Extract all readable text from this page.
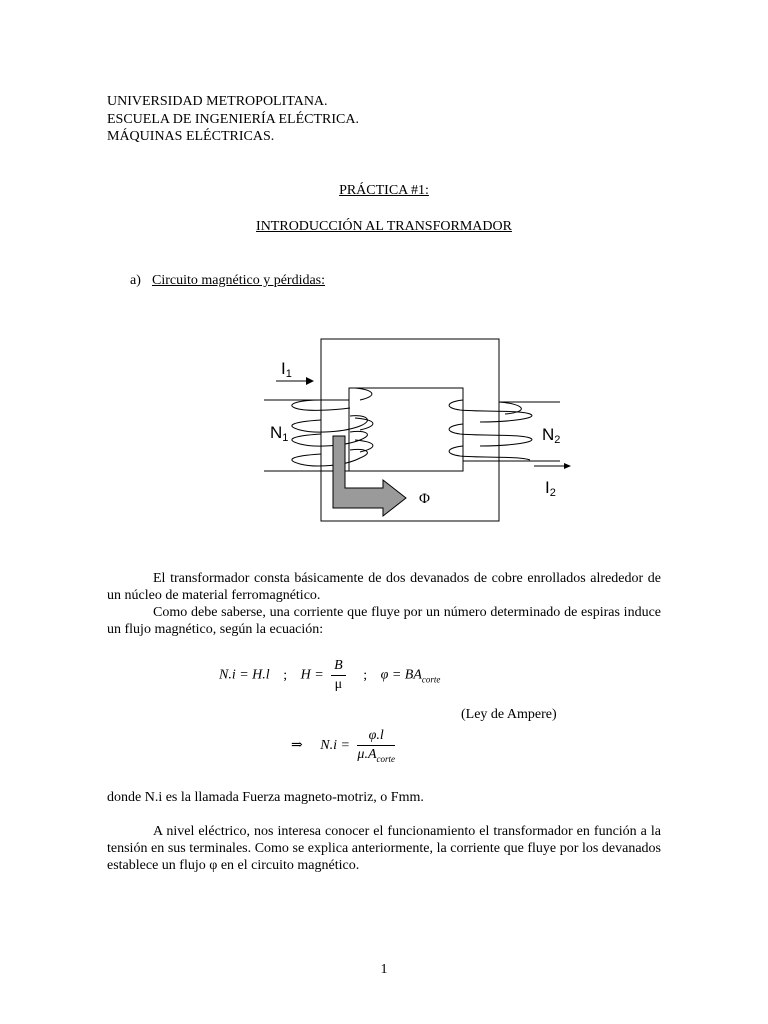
UNIVERSIDAD METROPOLITANA.
ESCUELA DE INGENIERÍA ELÉCTRICA.
MÁQUINAS ELÉCTRICAS.
PRÁCTICA #1:
INTRODUCCIÓN AL TRANSFORMADOR
a) Circuito magnético y pérdidas:
I1
N1	N2
I2
Φ
El transformador consta básicamente de dos devanados de cobre enrollados alrededor de un núcleo de material ferromagnético.
Como debe saberse, una corriente que fluye por un número determinado de espiras induce un flujo magnético, según la ecuación:
N.i = H.l ; $H = \frac{B}{\mu}$ ; $\varphi = BA_{corte}$
(Ley de Ampere)
⇒ $N.i = \frac{\varphi.l}{\mu.A_{corte}}$
donde N.i es la llamada Fuerza magneto-motriz, o Fmm.
A nivel eléctrico, nos interesa conocer el funcionamiento el transformador en función a la tensión en sus terminales. Como se explica anteriormente, la corriente que fluye por los devanados establece un flujo φ en el circuito magnético.
1
